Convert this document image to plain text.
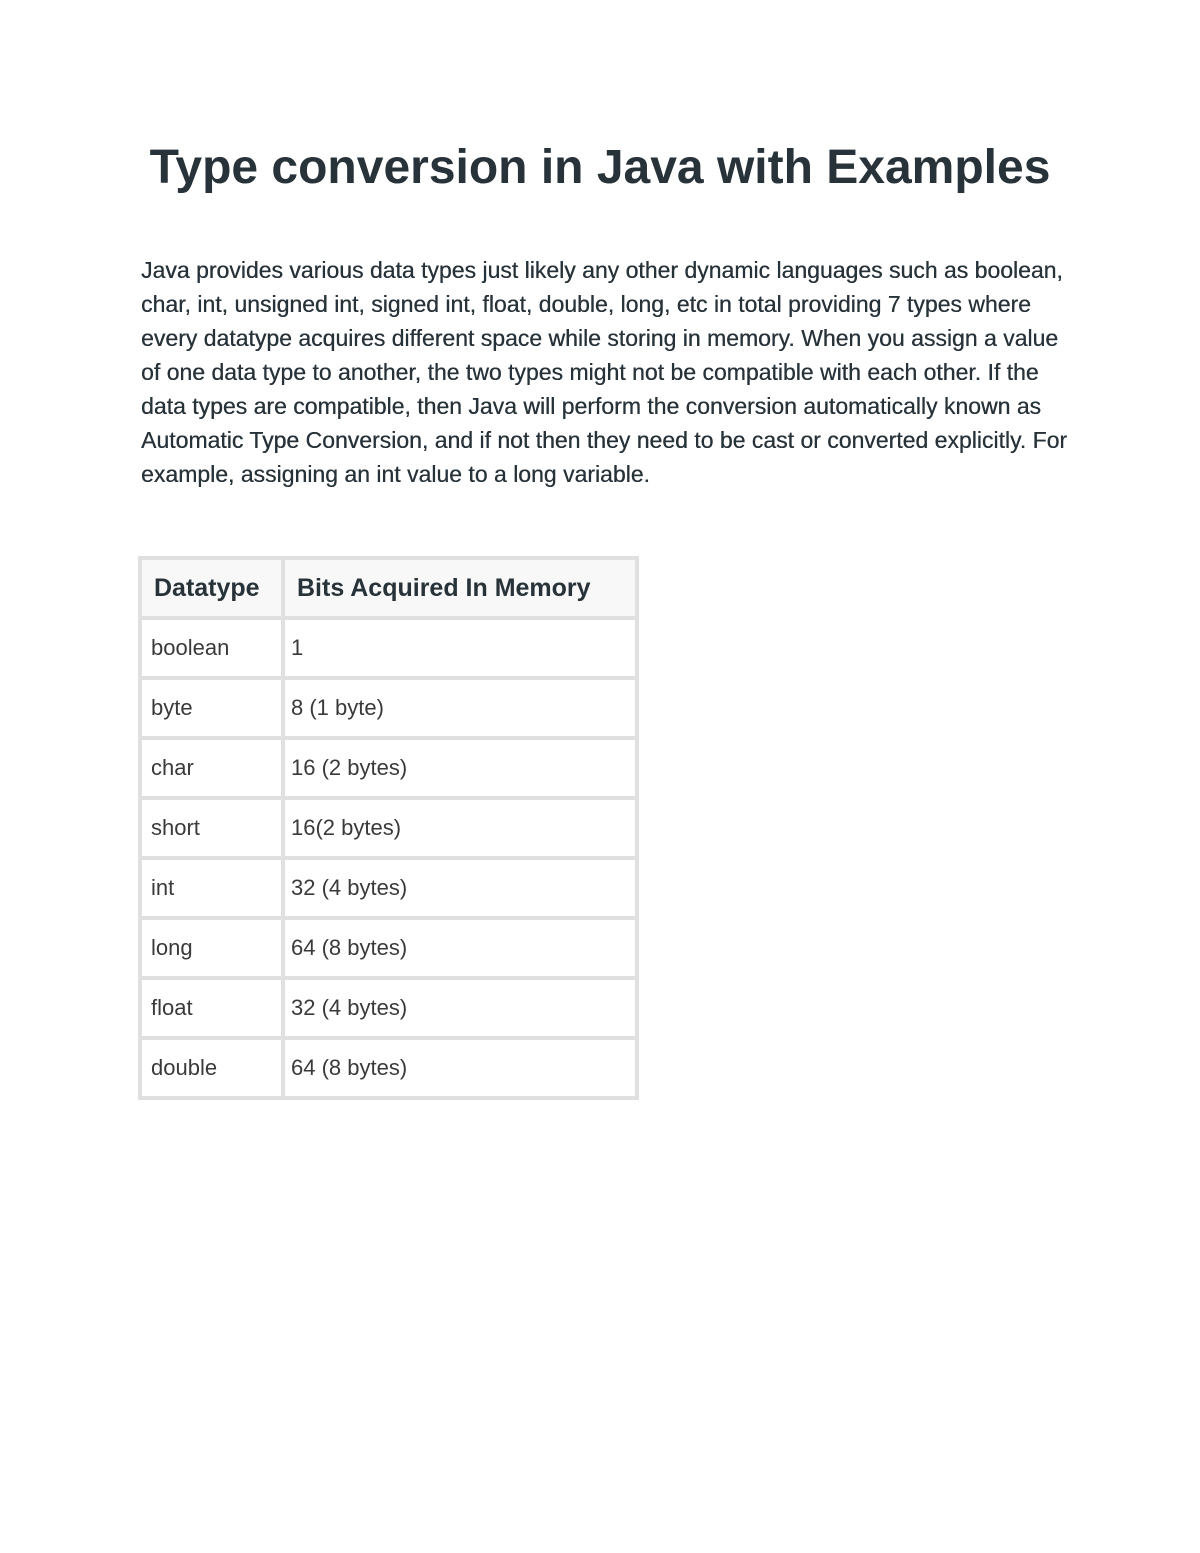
Type conversion in Java with Examples

Java provides various data types just likely any other dynamic languages such as boolean, char, int, unsigned int, signed int, float, double, long, etc in total providing 7 types where every datatype acquires different space while storing in memory. When you assign a value of one data type to another, the two types might not be compatible with each other. If the data types are compatible, then Java will perform the conversion automatically known as Automatic Type Conversion, and if not then they need to be cast or converted explicitly. For example, assigning an int value to a long variable.

Datatype	Bits Acquired In Memory
boolean	1
byte	8 (1 byte)
char	16 (2 bytes)
short	16(2 bytes)
int	32 (4 bytes)
long	64 (8 bytes)
float	32 (4 bytes)
double	64 (8 bytes)
